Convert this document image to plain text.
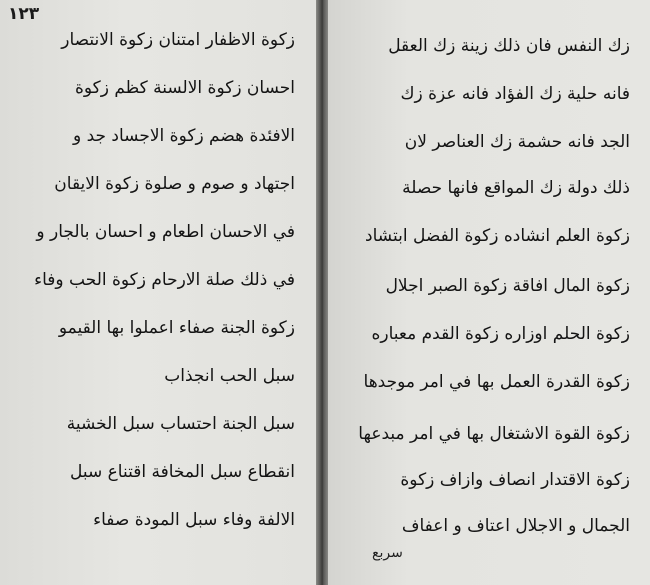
١٢٣
زكوة الاظفار امتنان زكوة الانتصار
احسان زكوة الالسنة كظم زكوة
الافئدة هضم زكوة الاجساد جد و
اجتهاد و صوم و صلوة زكوة الايقان
في الاحسان اطعام و احسان بالجار و
في ذلك صلة الارحام زكوة الحب وفاء
زكوة الجنة صفاء اعملوا بها القيمو
سبل الحب انجذاب
سبل الجنة احتساب سبل الخشية
انقطاع سبل المخافة اقتناع سبل
الالفة وفاء سبل المودة صفاء
زك النفس فان ذلك زينة زك العقل
فانه حلية زك الفؤاد فانه عزة زك
الجد فانه حشمة زك العناصر لان
ذلك دولة زك المواقع فانها حصلة
زكوة العلم انشاده زكوة الفضل ابتشاد
زكوة المال افاقة زكوة الصبر اجلال
زكوة الحلم اوزاره زكوة القدم معباره
زكوة القدرة العمل بها في امر موجدها
زكوة القوة الاشتغال بها في امر مبدعها
زكوة الاقتدار انصاف وازاف زكوة
الجمال و الاجلال اعتاف و اعفاف
سربع
